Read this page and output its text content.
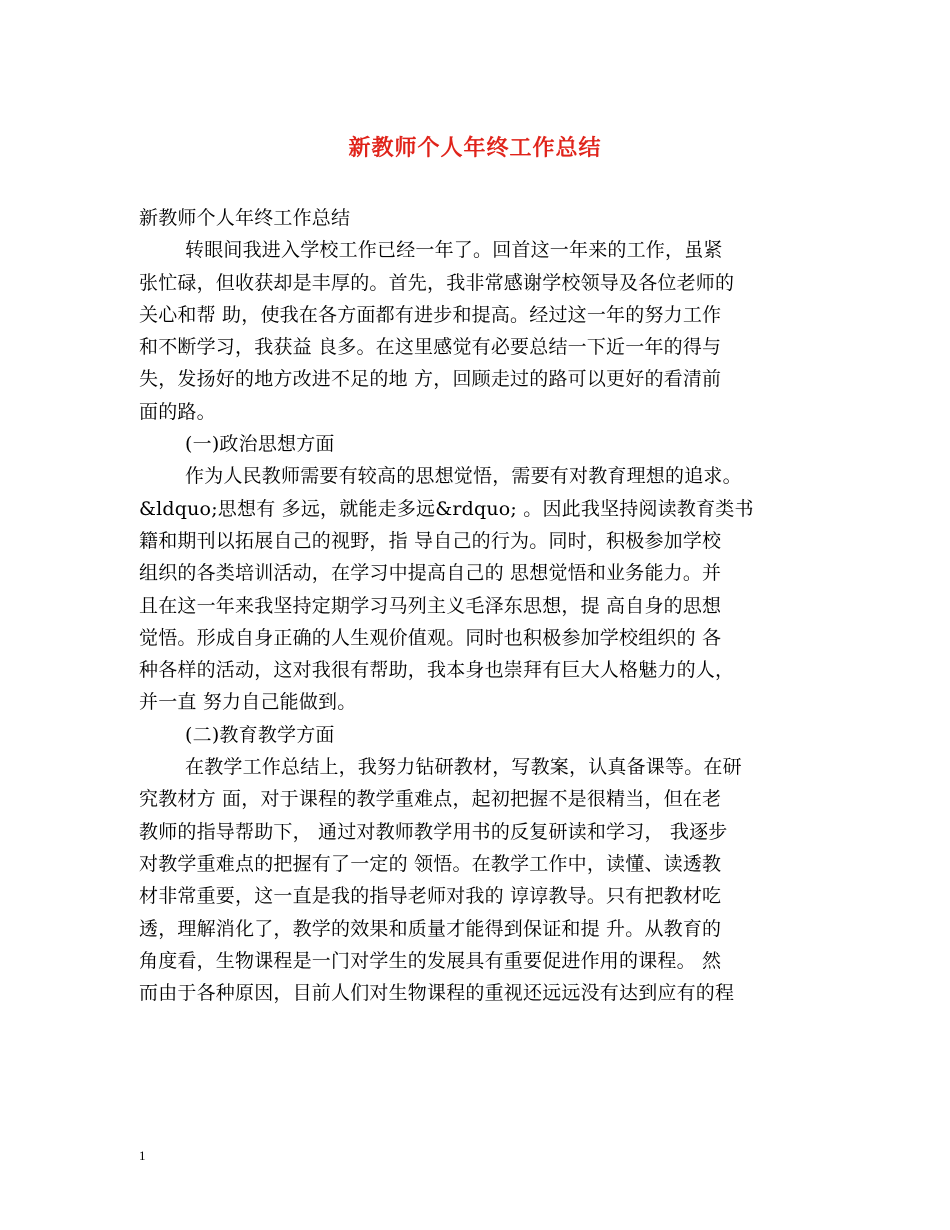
新教师个人年终工作总结
新教师个人年终工作总结
转眼间我进入学校工作已经一年了。回首这一年来的工作，虽紧
张忙碌，但收获却是丰厚的。首先，我非常感谢学校领导及各位老师的
关心和帮 助，使我在各方面都有进步和提高。经过这一年的努力工作
和不断学习，我获益 良多。在这里感觉有必要总结一下近一年的得与
失，发扬好的地方改进不足的地 方，回顾走过的路可以更好的看清前
面的路。
(一)政治思想方面
作为人民教师需要有较高的思想觉悟，需要有对教育理想的追求。
&ldquo;思想有 多远，就能走多远&rdquo; 。因此我坚持阅读教育类书
籍和期刊以拓展自己的视野，指 导自己的行为。同时，积极参加学校
组织的各类培训活动，在学习中提高自己的 思想觉悟和业务能力。并
且在这一年来我坚持定期学习马列主义毛泽东思想，提 高自身的思想
觉悟。形成自身正确的人生观价值观。同时也积极参加学校组织的 各
种各样的活动，这对我很有帮助，我本身也崇拜有巨大人格魅力的人，
并一直 努力自己能做到。
(二)教育教学方面
在教学工作总结上，我努力钻研教材，写教案，认真备课等。在研
究教材方 面，对于课程的教学重难点，起初把握不是很精当，但在老
教师的指导帮助下， 通过对教师教学用书的反复研读和学习， 我逐步
对教学重难点的把握有了一定的 领悟。在教学工作中，读懂、读透教
材非常重要，这一直是我的指导老师对我的 谆谆教导。只有把教材吃
透，理解消化了，教学的效果和质量才能得到保证和提 升。从教育的
角度看，生物课程是一门对学生的发展具有重要促进作用的课程。 然
而由于各种原因，目前人们对生物课程的重视还远远没有达到应有的程
1
